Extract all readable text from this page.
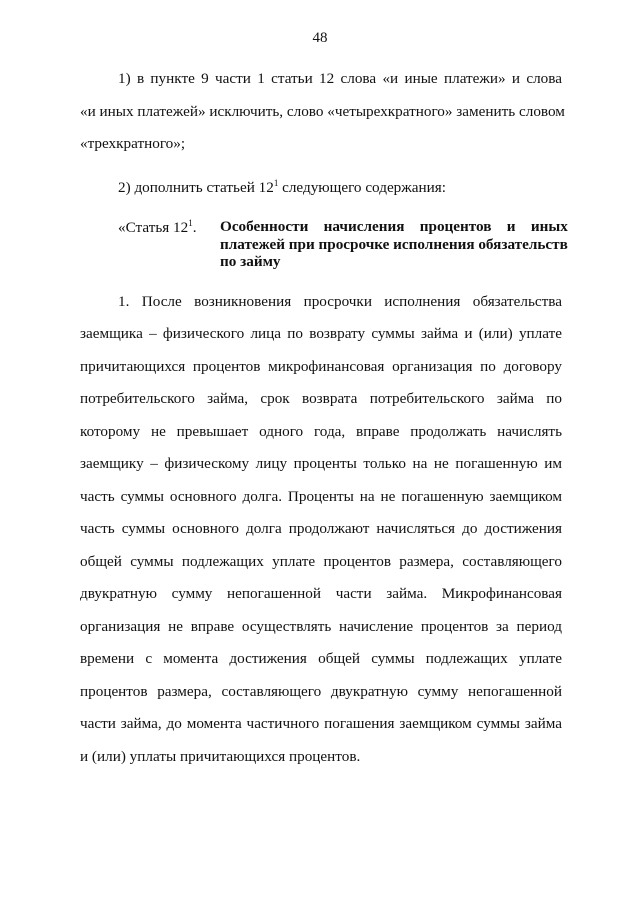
48
1) в пункте 9 части 1 статьи 12 слова «и иные платежи» и слова
«и иных платежей» исключить, слово «четырехкратного» заменить словом
«трехкратного»;
2) дополнить статьей $12^1$ следующего содержания:
«Статья $12^1$.	Особенности начисления процентов и иных
платежей при просрочке исполнения обязательств
по займу
1. После возникновения просрочки исполнения обязательства
заемщика – физического лица по возврату суммы займа и (или) уплате
причитающихся процентов микрофинансовая организация по договору
потребительского займа, срок возврата потребительского займа по
которому не превышает одного года, вправе продолжать начислять
заемщику – физическому лицу проценты только на не погашенную им
часть суммы основного долга. Проценты на не погашенную заемщиком
часть суммы основного долга продолжают начисляться до достижения
общей суммы подлежащих уплате процентов размера, составляющего
двукратную сумму непогашенной части займа. Микрофинансовая
организация не вправе осуществлять начисление процентов за период
времени с момента достижения общей суммы подлежащих уплате
процентов размера, составляющего двукратную сумму непогашенной
части займа, до момента частичного погашения заемщиком суммы займа
и (или) уплаты причитающихся процентов.
